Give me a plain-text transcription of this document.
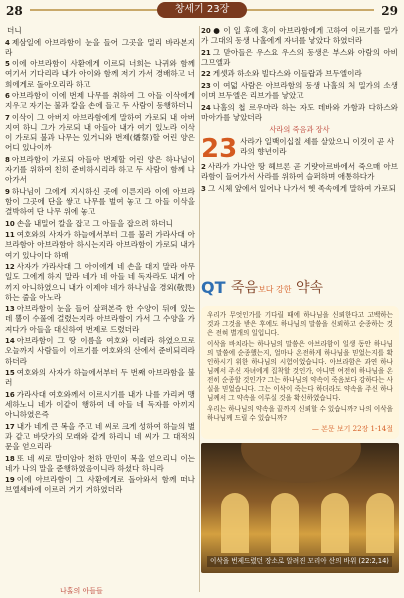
28	29
창세기 23장
더니
4 제삼일에 아브라함이 눈을 들어 그곳을 멀리 바라본지라
5 이에 아브라함이 사환에게 이르되 너희는 나귀와 함께 여기서 기다리라 내가 아이와 함께 저기 가서 경배하고 너희에게로 돌아오리라 하고
6 아브라함이 이에 번제 나무를 취하여 그 아들 이삭에게 지우고 자기는 불과 칼을 손에 들고 두 사람이 동행하더니
7 이삭이 그 아버지 아브라함에게 말하여 가로되 내 아버지여 하니 그가 가로되 내 아들아 내가 여기 있노라 이삭이 가로되 불과 나무는 있거니와 번제(燔祭)할 어린 양은 어디 있나이까
8 아브라함이 가로되 아들아 번제할 어린 양은 하나님이 자기를 위하여 친히 준비하시리라 하고 두 사람이 함께 나아가서
9 하나님이 그에게 지시하신 곳에 이른지라 이에 아브라함이 그곳에 단을 쌓고 나무를 벌여 놓고 그 아들 이삭을 결박하여 단 나무 위에 놓고
10 손을 내밀어 칼을 잡고 그 아들을 잡으려 하더니
11 여호와의 사자가 하늘에서부터 그를 불러 가라사대 아브라함아 아브라함아 하시는지라 아브라함이 가로되 내가 여기 있나이다 하매
12 사자가 가라사대 그 아이에게 네 손을 대지 말라 아무 일도 그에게 하지 말라 네가 네 아들 네 독자라도 내게 아끼지 아니하였으니 내가 이제야 네가 하나님을 경외(敬畏)하는 줄을 아노라
13 아브라함이 눈을 들어 살펴본즉 한 수양이 뒤에 있는데 뿔이 수풀에 걸렸는지라 아브라함이 가서 그 수양을 가져다가 아들을 대신하여 번제로 드렸더라
14 아브라함이 그 땅 이름을 여호와 이레라 하였으므로 오늘까지 사람들이 이르기를 여호와의 산에서 준비되리라 하더라
15 여호와의 사자가 하늘에서부터 두 번째 아브라함을 불러
16 가라사대 여호와께서 이르시기를 내가 나를 가리켜 맹세하노니 네가 이같이 행하여 네 아들 네 독자를 아끼지 아니하였은즉
17 내가 네게 큰 복을 주고 네 씨로 크게 성하여 하늘의 별과 같고 바닷가의 모래와 같게 하리니 네 씨가 그 대적의 문을 얻으리라
18 또 네 씨로 말미암아 천하 만민이 복을 얻으리니 이는 네가 나의 말을 준행하였음이니라 하셨다 하니라
19 이에 아브라함이 그 사환에게로 돌아와서 함께 떠나 브엘세바에 이르러 거기 거하였더라
20 ● 이 일 후에 혹이 아브라함에게 고하여 이르기를 밀가가 그대의 동생 나홀에게 자녀를 낳았다 하였더라
21 그 맏아들은 우스요 우스의 동생은 부스와 아람의 아비 그므엘과
22 게셋과 하소와 빌다스와 이들랍과 브두엘이라
23 이 여덟 사람은 아브라함의 동생 나홀의 처 밀가의 소생이며 브두엘은 리브가를 낳았고
24 나홀의 첩 르우마라 하는 자도 데바와 가함과 다하스와 마아가를 낳았더라
사라의 죽음과 장사
23 사라가 일백이십칠 세를 살았으니 이것이 곧 사라의 향년이라
2 사라가 가나안 땅 헤브론 곧 기럇아르바에서 죽으매 아브라함이 들어가서 사라를 위하여 슬퍼하며 애통하다가
3 그 시체 앞에서 일어나 나가서 헷 족속에게 말하여 가로되
QT 죽음보다 강한 약속
우리가 무엇인가를 기다릴 때에 하나님을 신뢰한다고 고백하는 것과 그것을 받은 후에도 하나님의 말씀을 신뢰하고 순종하는 것은 전혀 별개의 일입니다.
이삭을 바치라는 하나님의 말씀은 아브라함이 일생 동안 하나님의 말씀에 순종했는지, 얼마나 온전하게 하나님을 믿었는지를 확인하시기 위한 하나님의 시험이었습니다. 아브라함은 과연 하나님께서 주신 자녀에게 집착할 것인가, 아니면 여전히 하나님을 온전히 순종할 것인가? 그는 하나님의 약속이 죽음보다 강하다는 사실을 믿었습니다. 그는 이삭이 죽는다 하더라도 약속을 주신 하나님께서 그 약속을 이루실 것을 확신하였습니다.
우리는 하나님의 약속을 끝까지 신뢰할 수 있습니까? 나의 이삭을 하나님께 드릴 수 있습니까?
— 본문 보기 22장 1-14절
이삭을 번제드렸던 장소로 알려진 모리아 산의 바위 (22:2,14)
나홀의 아들들
